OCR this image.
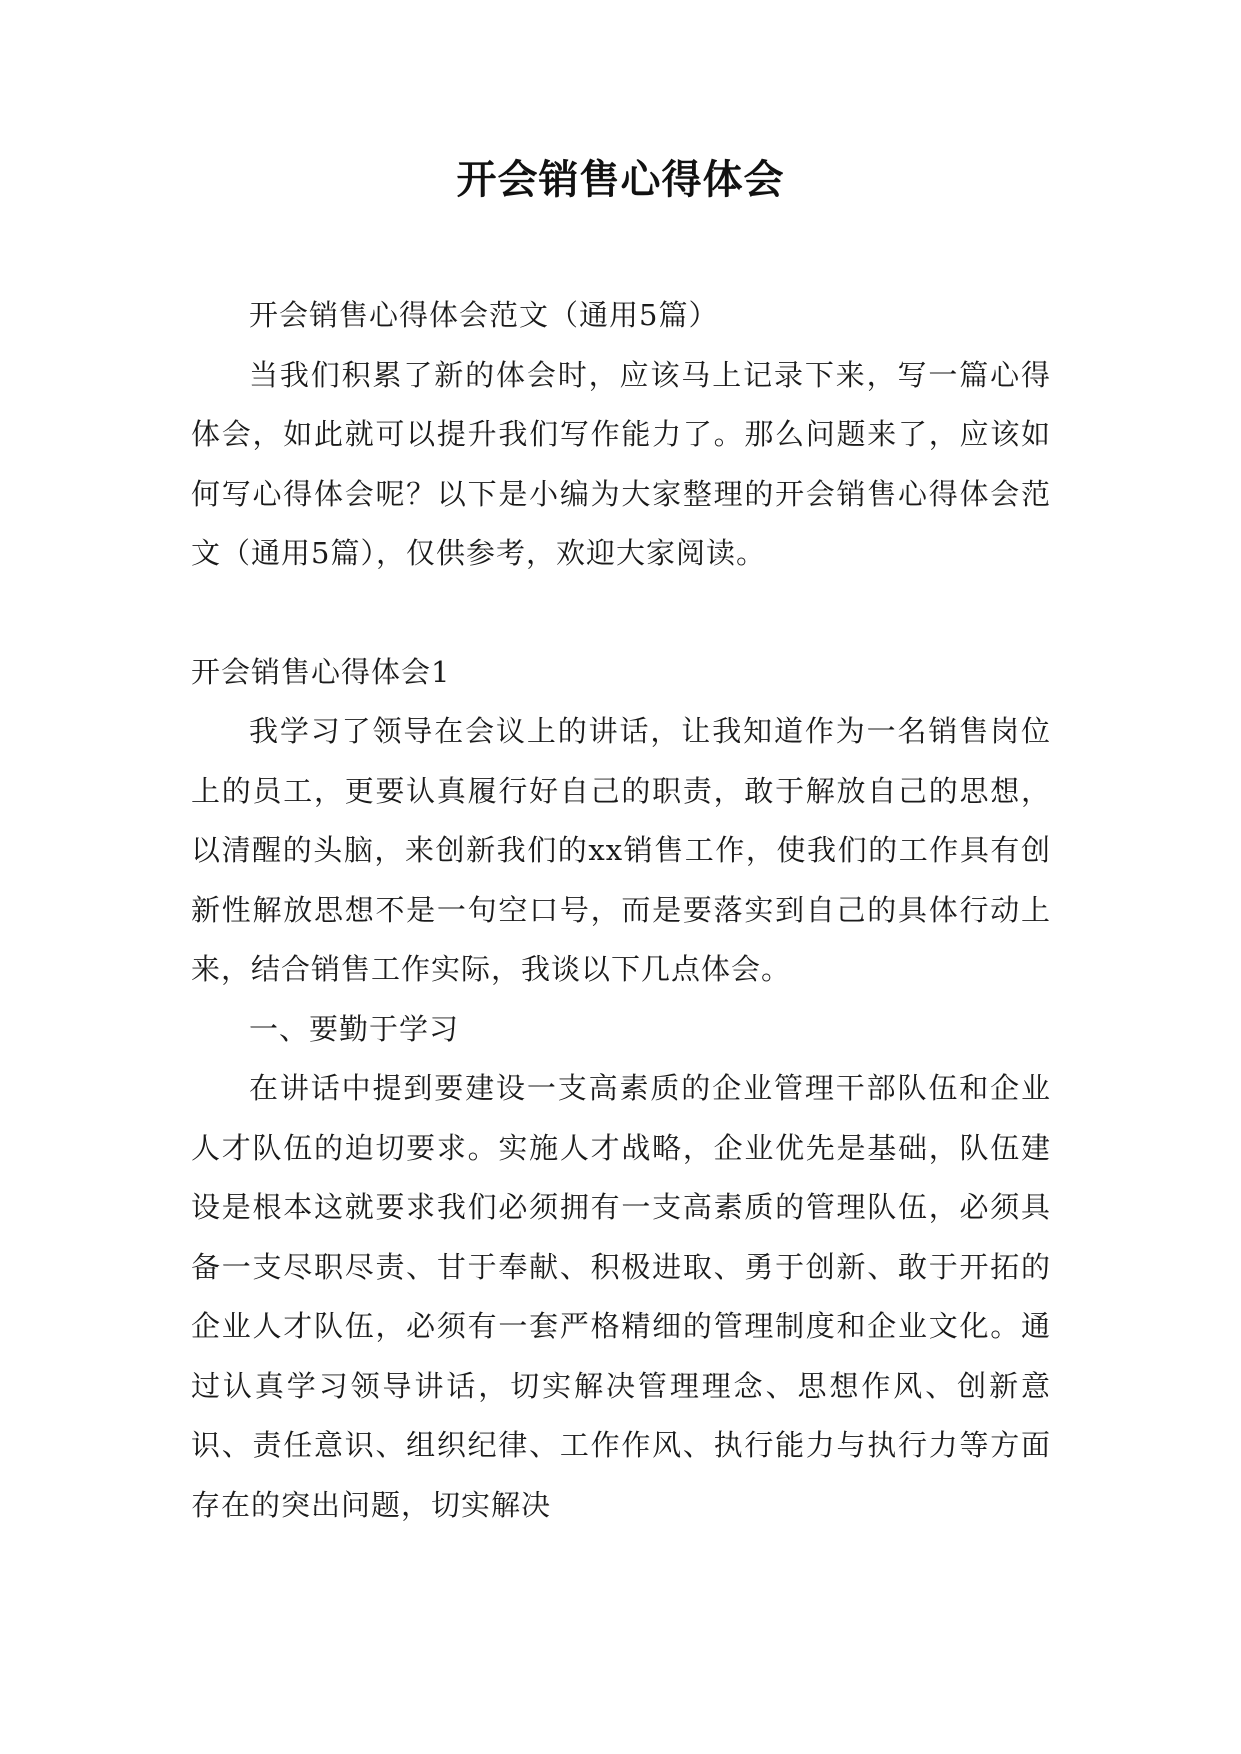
开会销售心得体会

开会销售心得体会范文（通用5篇）

当我们积累了新的体会时，应该马上记录下来，写一篇心得体会，如此就可以提升我们写作能力了。那么问题来了，应该如何写心得体会呢？以下是小编为大家整理的开会销售心得体会范文（通用5篇），仅供参考，欢迎大家阅读。

开会销售心得体会1

我学习了领导在会议上的讲话，让我知道作为一名销售岗位上的员工，更要认真履行好自己的职责，敢于解放自己的思想，以清醒的头脑，来创新我们的xx销售工作，使我们的工作具有创新性解放思想不是一句空口号，而是要落实到自己的具体行动上来，结合销售工作实际，我谈以下几点体会。

一、要勤于学习

在讲话中提到要建设一支高素质的企业管理干部队伍和企业人才队伍的迫切要求。实施人才战略，企业优先是基础，队伍建设是根本这就要求我们必须拥有一支高素质的管理队伍，必须具备一支尽职尽责、甘于奉献、积极进取、勇于创新、敢于开拓的企业人才队伍，必须有一套严格精细的管理制度和企业文化。通过认真学习领导讲话，切实解决管理理念、思想作风、创新意识、责任意识、组织纪律、工作作风、执行能力与执行力等方面存在的突出问题，切实解决
